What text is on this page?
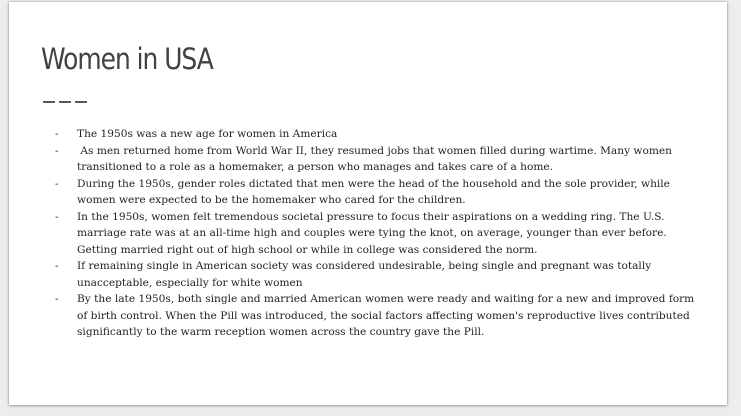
Women in USA
- The 1950s was a new age for women in America
- As men returned home from World War II, they resumed jobs that women filled during wartime. Many women transitioned to a role as a homemaker, a person who manages and takes care of a home.
- During the 1950s, gender roles dictated that men were the head of the household and the sole provider, while women were expected to be the homemaker who cared for the children.
- In the 1950s, women felt tremendous societal pressure to focus their aspirations on a wedding ring. The U.S. marriage rate was at an all-time high and couples were tying the knot, on average, younger than ever before. Getting married right out of high school or while in college was considered the norm.
- If remaining single in American society was considered undesirable, being single and pregnant was totally unacceptable, especially for white women
- By the late 1950s, both single and married American women were ready and waiting for a new and improved form of birth control. When the Pill was introduced, the social factors affecting women's reproductive lives contributed significantly to the warm reception women across the country gave the Pill.
